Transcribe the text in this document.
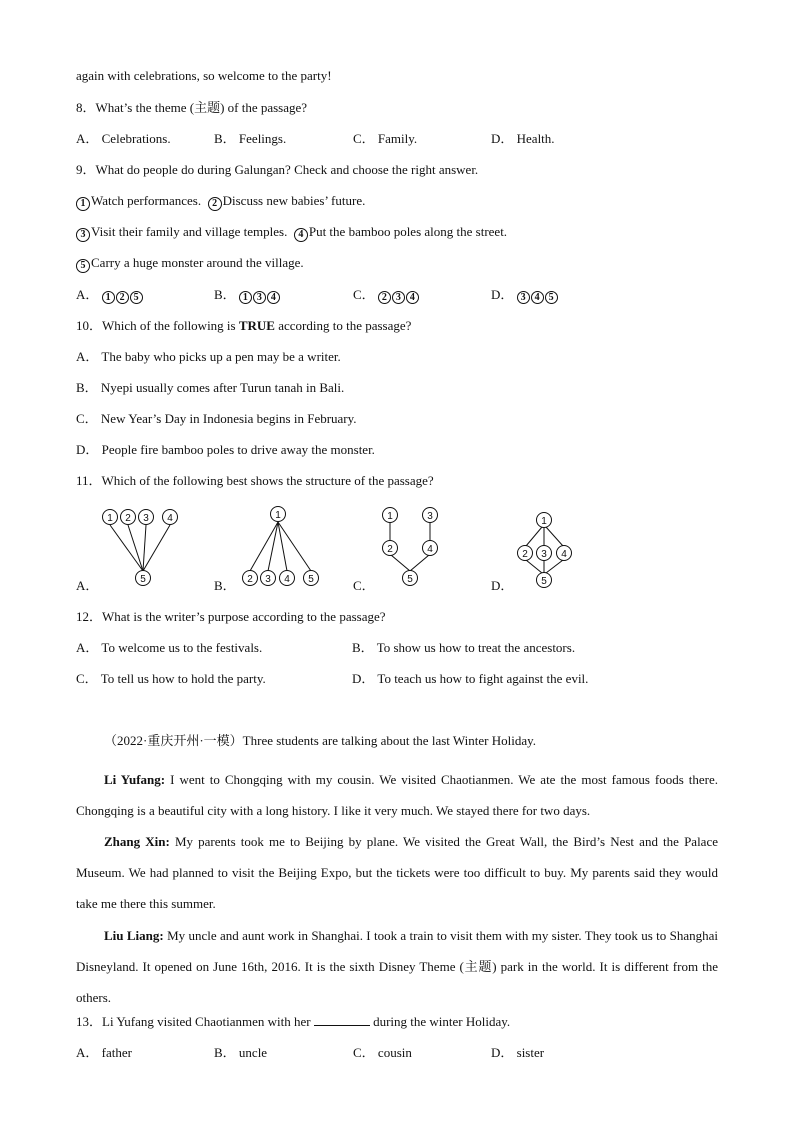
again with celebrations, so welcome to the party!
8．What’s the theme (主题) of the passage?
A． Celebrations.	B． Feelings.	C． Family.	D． Health.
9．What do people do during Galungan? Check and choose the right answer.
1 Watch performances. 2 Discuss new babies’ future.
3 Visit their family and village temples. 4 Put the bamboo poles along the street.
5 Carry a huge monster around the village.
A． 1 2 5	B． 1 3 4	C． 2 3 4	D． 3 4 5
10．Which of the following is TRUE according to the passage?
A． The baby who picks up a pen may be a writer.
B． Nyepi usually comes after Turun tanah in Bali.
C． New Year’s Day in Indonesia begins in February.
D． People fire bamboo poles to drive away the monster.
11．Which of the following best shows the structure of the passage?
A．
1 2 3 4
5	B．
1
2 3 4 5	C．
1	3
2	4
5	D．
1
2 3 4
5
12．What is the writer’s purpose according to the passage?
A． To welcome us to the festivals.	B． To show us how to treat the ancestors.
C． To tell us how to hold the party.	D． To teach us how to fight against the evil.
（2022·重庆开州·一模）Three students are talking about the last Winter Holiday.
Li Yufang: I went to Chongqing with my cousin. We visited Chaotianmen. We ate the most famous foods there. Chongqing is a beautiful city with a long history. I like it very much. We stayed there for two days.
Zhang Xin: My parents took me to Beijing by plane. We visited the Great Wall, the Bird’s Nest and the Palace Museum. We had planned to visit the Beijing Expo, but the tickets were too difficult to buy. My parents said they would take me there this summer.
Liu Liang: My uncle and aunt work in Shanghai. I took a train to visit them with my sister. They took us to Shanghai Disneyland. It opened on June 16th, 2016. It is the sixth Disney Theme (主题) park in the world. It is different from the others.
13．Li Yufang visited Chaotianmen with her	during the winter Holiday.
A． father	B． uncle	C． cousin	D． sister
